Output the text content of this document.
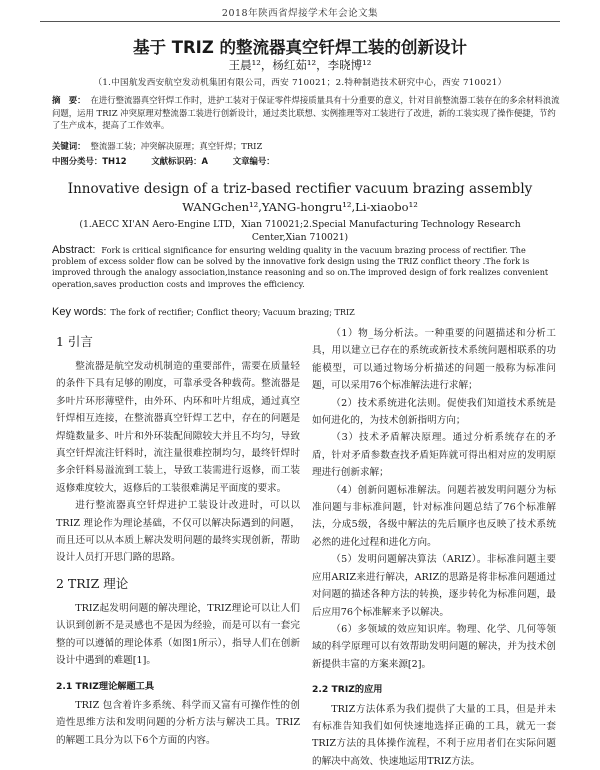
2018年陕西省焊接学术年会论文集
基于 TRIZ 的整流器真空钎焊工装的创新设计
王晨¹²，杨红茹¹²，李晓博¹²
（1.中国航发西安航空发动机集团有限公司，西安 710021；2.特种制造技术研究中心，西安 710021）
摘　要： 在进行整流器真空钎焊工作时，进护工装对于保证零件焊接质量具有十分重要的意义，针对目前整流器工装存在的多余材料浪流问题，运用 TRIZ 冲突原理对整流器工装进行创新设计，通过类比联想、实例推理等对工装进行了改进，新的工装实现了操作便捷，节约了生产成本，提高了工作效率。
关键词： 整流器工装；冲突解决原理；真空钎焊；TRIZ
中图分类号：TH12	文献标识码：A	文章编号：
Innovative design of a triz-based rectifier vacuum brazing assembly
WANGchen¹²,YANG-hongru¹²,Li-xiaobo¹²
(1.AECC XI'AN Aero-Engine LTD，Xian 710021;2.Special Manufacturing Technology Research Center,Xian 710021)
Abstract: Fork is critical significance for ensuring welding quality in the vacuum brazing process of rectifier. The problem of excess solder flow can be solved by the innovative fork design using the TRIZ conflict theory .The fork is improved through the analogy association,instance reasoning and so on.The improved design of fork realizes convenient operation,saves production costs and improves the efficiency.
Key words: The fork of rectifier; Conflict theory; Vacuum brazing; TRIZ
1 引言

整流器是航空发动机制造的重要部件，需要在质量轻的条件下具有足够的刚度，可靠承受各种载荷。整流器是多叶片环形薄壁件，由外环、内环和叶片组成，通过真空钎焊相互连接，在整流器真空钎焊工艺中，存在的问题是焊缝数量多、叶片和外环装配间隙较大并且不均匀，导致真空钎焊流注钎料时，流注量很难控制均匀，最终钎焊时多余钎料易溢流到工装上，导致工装需进行返修，而工装返修难度较大，返修后的工装很难满足平面度的要求。

进行整流器真空钎焊进护工装设计改进时，可以以 TRIZ 理论作为理论基础，不仅可以解决际遇到的问题，而且还可以从本质上解决发明问题的最终实现创新，帮助设计人员打开思门路的思路。

2 TRIZ 理论

TRIZ起发明问题的解决理论，TRIZ理论可以让人们认识到创新不是灵感也不是因为经验，而是可以有一套完整的可以遵循的理论体系（如图1所示），指导人们在创新设计中遇到的难题[1]。

2.1 TRIZ理论解题工具

TRIZ 包含着许多系统、科学而又富有可操作性的创造性思维方法和发明问题的分析方法与解决工具。TRIZ的解题工具分为以下6个方面的内容。

（1）物_场分析法。一种重要的问题描述和分析工具，用以建立已存在的系统或新技术系统问题相联系的功能模型，可以通过物场分析描述的问题一般称为标准问题，可以采用76个标准解法进行求解；

（2）技术系统进化法则。促使我们知道技术系统是如何进化的，为技术创新指明方向；

（3）技术矛盾解决原理。通过分析系统存在的矛盾，针对矛盾参数查找矛盾矩阵就可得出相对应的发明原理进行创新求解；

（4）创新问题标准解法。问题若被发明问题分为标准问题与非标准问题，针对标准问题总结了76个标准解法，分成5级，各级中解法的先后顺序也反映了技术系统必然的进化过程和进化方向。

（5）发明问题解决算法（ARIZ）。非标准问题主要应用ARIZ来进行解决，ARIZ的思路是将非标准问题通过对问题的描述各种方法的转换，逐步转化为标准问题，最后应用76个标准解来予以解决。

（6）多领域的效应知识库。物理、化学、几何等领域的科学原理可以有效帮助发明问题的解决，并为技术创新提供丰富的方案来源[2]。

2.2 TRIZ的应用

TRIZ方法体系为我们提供了大量的工具，但是并未有标准告知我们如何快速地选择正确的工具，就无一套TRIZ方法的具体操作流程，不利于应用者们在实际问题的解决中高效、快速地运用TRIZ方法。
